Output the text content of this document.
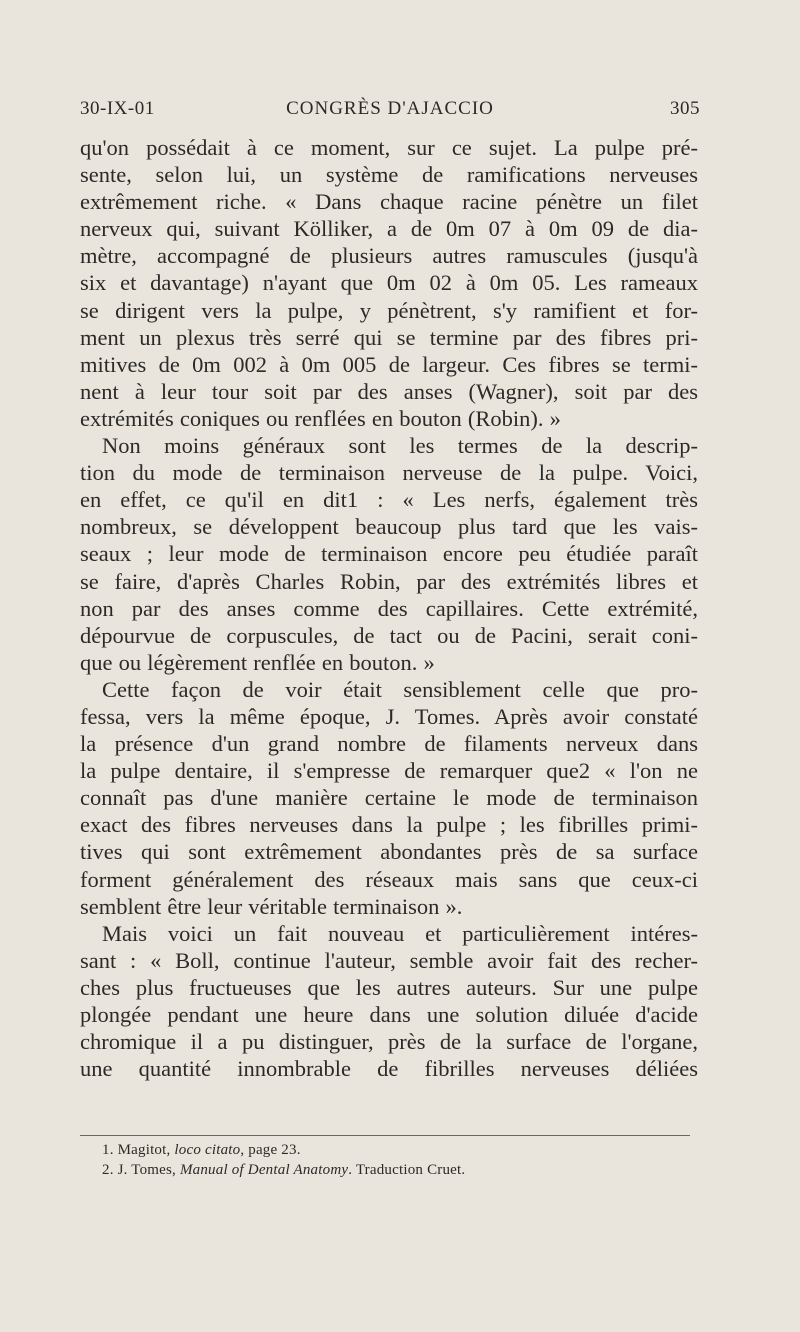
30-IX-01	CONGRÈS D'AJACCIO	305
qu'on possédait à ce moment, sur ce sujet. La pulpe pré-
sente, selon lui, un système de ramifications nerveuses
extrêmement riche. « Dans chaque racine pénètre un filet
nerveux qui, suivant Kölliker, a de 0m 07 à 0m 09 de dia-
mètre, accompagné de plusieurs autres ramuscules (jusqu'à
six et davantage) n'ayant que 0m 02 à 0m 05. Les rameaux
se dirigent vers la pulpe, y pénètrent, s'y ramifient et for-
ment un plexus très serré qui se termine par des fibres pri-
mitives de 0m 002 à 0m 005 de largeur. Ces fibres se termi-
nent à leur tour soit par des anses (Wagner), soit par des
extrémités coniques ou renflées en bouton (Robin). »
Non moins généraux sont les termes de la descrip-
tion du mode de terminaison nerveuse de la pulpe. Voici,
en effet, ce qu'il en dit1 : « Les nerfs, également très
nombreux, se développent beaucoup plus tard que les vais-
seaux ; leur mode de terminaison encore peu étudiée paraît
se faire, d'après Charles Robin, par des extrémités libres et
non par des anses comme des capillaires. Cette extrémité,
dépourvue de corpuscules, de tact ou de Pacini, serait coni-
que ou légèrement renflée en bouton. »
Cette façon de voir était sensiblement celle que pro-
fessa, vers la même époque, J. Tomes. Après avoir constaté
la présence d'un grand nombre de filaments nerveux dans
la pulpe dentaire, il s'empresse de remarquer que2 « l'on ne
connaît pas d'une manière certaine le mode de terminaison
exact des fibres nerveuses dans la pulpe ; les fibrilles primi-
tives qui sont extrêmement abondantes près de sa surface
forment généralement des réseaux mais sans que ceux-ci
semblent être leur véritable terminaison ».
Mais voici un fait nouveau et particulièrement intéres-
sant : « Boll, continue l'auteur, semble avoir fait des recher-
ches plus fructueuses que les autres auteurs. Sur une pulpe
plongée pendant une heure dans une solution diluée d'acide
chromique il a pu distinguer, près de la surface de l'organe,
une quantité innombrable de fibrilles nerveuses déliées
1. Magitot, loco citato, page 23.
2. J. Tomes, Manual of Dental Anatomy. Traduction Cruet.
